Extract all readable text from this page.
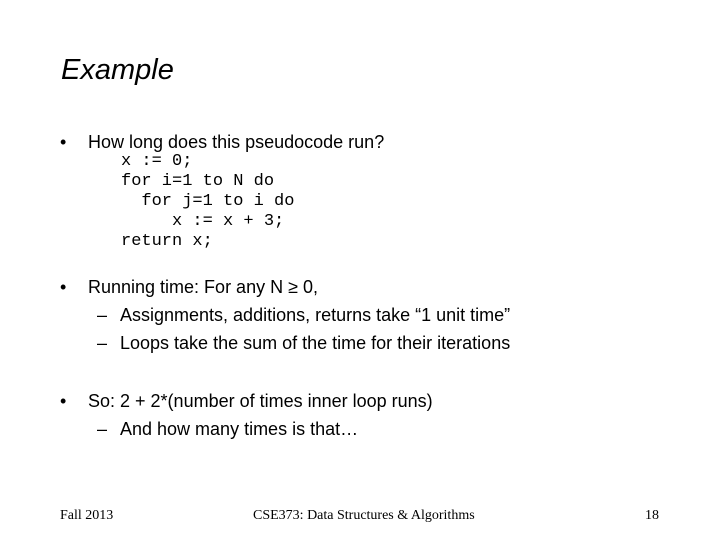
Example
•	How long does this pseudocode run?
x := 0;
for i=1 to N do
for j=1 to i do
x := x + 3;
return x;
•	Running time: For any N ≥ 0,
– Assignments, additions, returns take “1 unit time”
– Loops take the sum of the time for their iterations
•	So: 2 + 2*(number of times inner loop runs)
– And how many times is that…
Fall 2013	CSE373: Data Structures & Algorithms	18
